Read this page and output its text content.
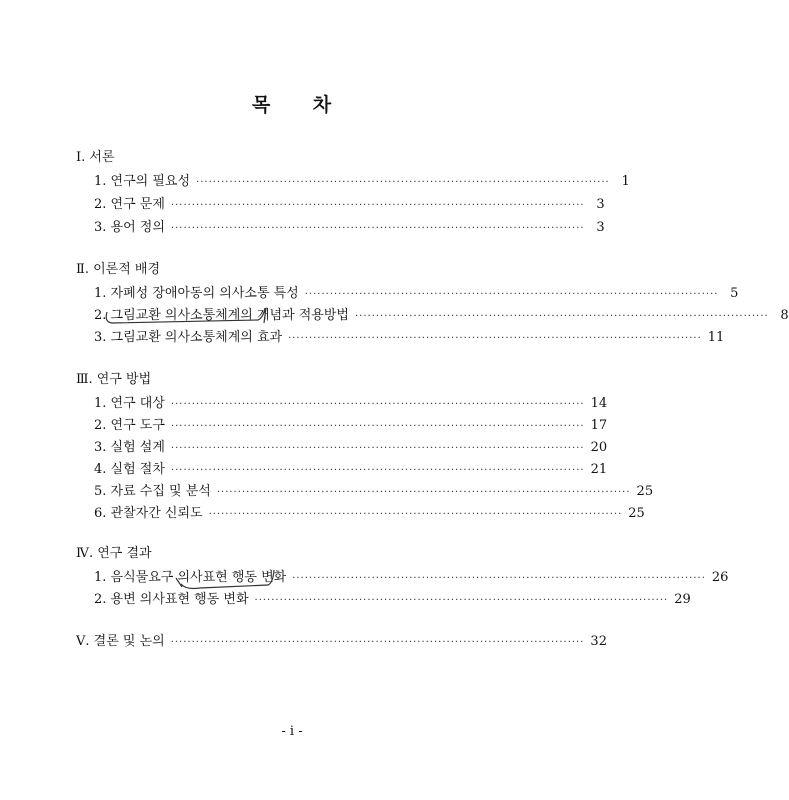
목 차
Ⅰ. 서론
1. 연구의 필요성 ··································································································· 1
2. 연구 문제 ··································································································· 3
3. 용어 정의 ··································································································· 3
Ⅱ. 이론적 배경
1. 자폐성 장애아동의 의사소통 특성 ··································································································· 5
2. 그림교환 의사소통체계의 개념과 적용방법 ··································································································· 8
3. 그림교환 의사소통체계의 효과 ··································································································· 11
Ⅲ. 연구 방법
1. 연구 대상 ··································································································· 14
2. 연구 도구 ··································································································· 17
3. 실험 설계 ··································································································· 20
4. 실험 절차 ··································································································· 21
5. 자료 수집 및 분석 ··································································································· 25
6. 관찰자간 신뢰도 ··································································································· 25
Ⅳ. 연구 결과
1. 음식물요구 의사표현 행동 변화 ··································································································· 26
2. 용변 의사표현 행동 변화 ··································································································· 29
Ⅴ. 결론 및 논의 ··································································································· 32
- i -
